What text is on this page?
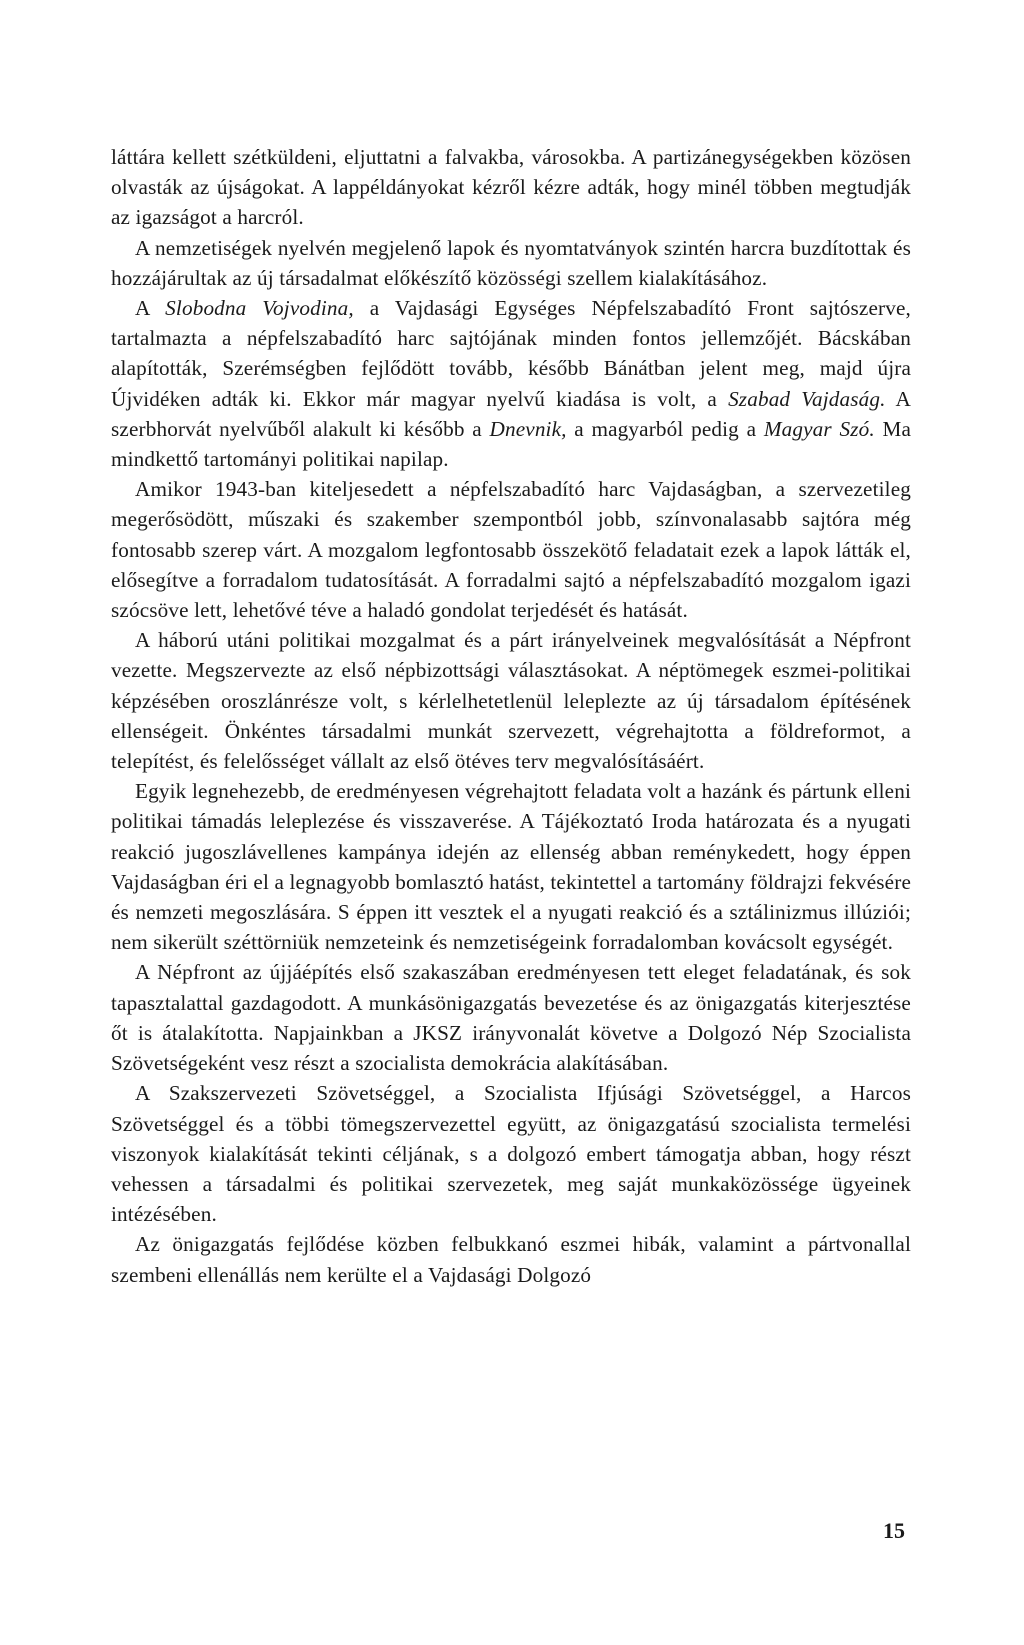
láttára kellett szétküldeni, eljuttatni a falvakba, városokba. A partizánegységekben közösen olvasták az újságokat. A lappéldányokat kézről kézre adták, hogy minél többen megtudják az igazságot a harcról.

A nemzetiségek nyelvén megjelenő lapok és nyomtatványok szintén harcra buzdítottak és hozzájárultak az új társadalmat előkészítő közösségi szellem kialakításához.

A Slobodna Vojvodina, a Vajdasági Egységes Népfelszabadító Front sajtószerve, tartalmazta a népfelszabadító harc sajtójának minden fontos jellemzőjét. Bácskában alapították, Szerémségben fejlődött tovább, később Bánátban jelent meg, majd újra Újvidéken adták ki. Ekkor már magyar nyelvű kiadása is volt, a Szabad Vajdaság. A szerbhorvát nyelvűből alakult ki később a Dnevnik, a magyarból pedig a Magyar Szó. Ma mindkettő tartományi politikai napilap.

Amikor 1943-ban kiteljesedett a népfelszabadító harc Vajdaságban, a szervezetileg megerősödött, műszaki és szakember szempontból jobb, színvonalasabb sajtóra még fontosabb szerep várt. A mozgalom legfontosabb összekötő feladatait ezek a lapok látták el, elősegítve a forradalom tudatosítását. A forradalmi sajtó a népfelszabadító mozgalom igazi szócsöve lett, lehetővé téve a haladó gondolat terjedését és hatását.

A háború utáni politikai mozgalmat és a párt irányelveinek megvalósítását a Népfront vezette. Megszervezte az első népbizottsági választásokat. A néptömegek eszmei-politikai képzésében oroszlánrésze volt, s kérlelhetetlenül leleplezte az új társadalom építésének ellenségeit. Önkéntes társadalmi munkát szervezett, végrehajtotta a földreformot, a telepítést, és felelősséget vállalt az első ötéves terv megvalósításáért.

Egyik legnehezebb, de eredményesen végrehajtott feladata volt a hazánk és pártunk elleni politikai támadás leleplezése és visszaverése. A Tájékoztató Iroda határozata és a nyugati reakció jugoszlávellenes kampánya idején az ellenség abban reménykedett, hogy éppen Vajdaságban éri el a legnagyobb bomlasztó hatást, tekintettel a tartomány földrajzi fekvésére és nemzeti megoszlására. S éppen itt vesztek el a nyugati reakció és a sztálinizmus illúziói; nem sikerült széttörniük nemzeteink és nemzetiségeink forradalomban kovácsolt egységét.

A Népfront az újjáépítés első szakaszában eredményesen tett eleget feladatának, és sok tapasztalattal gazdagodott. A munkásönigazgatás bevezetése és az önigazgatás kiterjesztése őt is átalakította. Napjainkban a JKSZ irányvonalát követve a Dolgozó Nép Szocialista Szövetségeként vesz részt a szocialista demokrácia alakításában.

A Szakszervezeti Szövetséggel, a Szocialista Ifjúsági Szövetséggel, a Harcos Szövetséggel és a többi tömegszervezettel együtt, az önigazgatású szocialista termelési viszonyok kialakítását tekinti céljának, s a dolgozó embert támogatja abban, hogy részt vehessen a társadalmi és politikai szervezetek, meg saját munkaközössége ügyeinek intézésében.

Az önigazgatás fejlődése közben felbukkanó eszmei hibák, valamint a pártvonallal szembeni ellenállás nem kerülte el a Vajdasági Dolgozó

15
